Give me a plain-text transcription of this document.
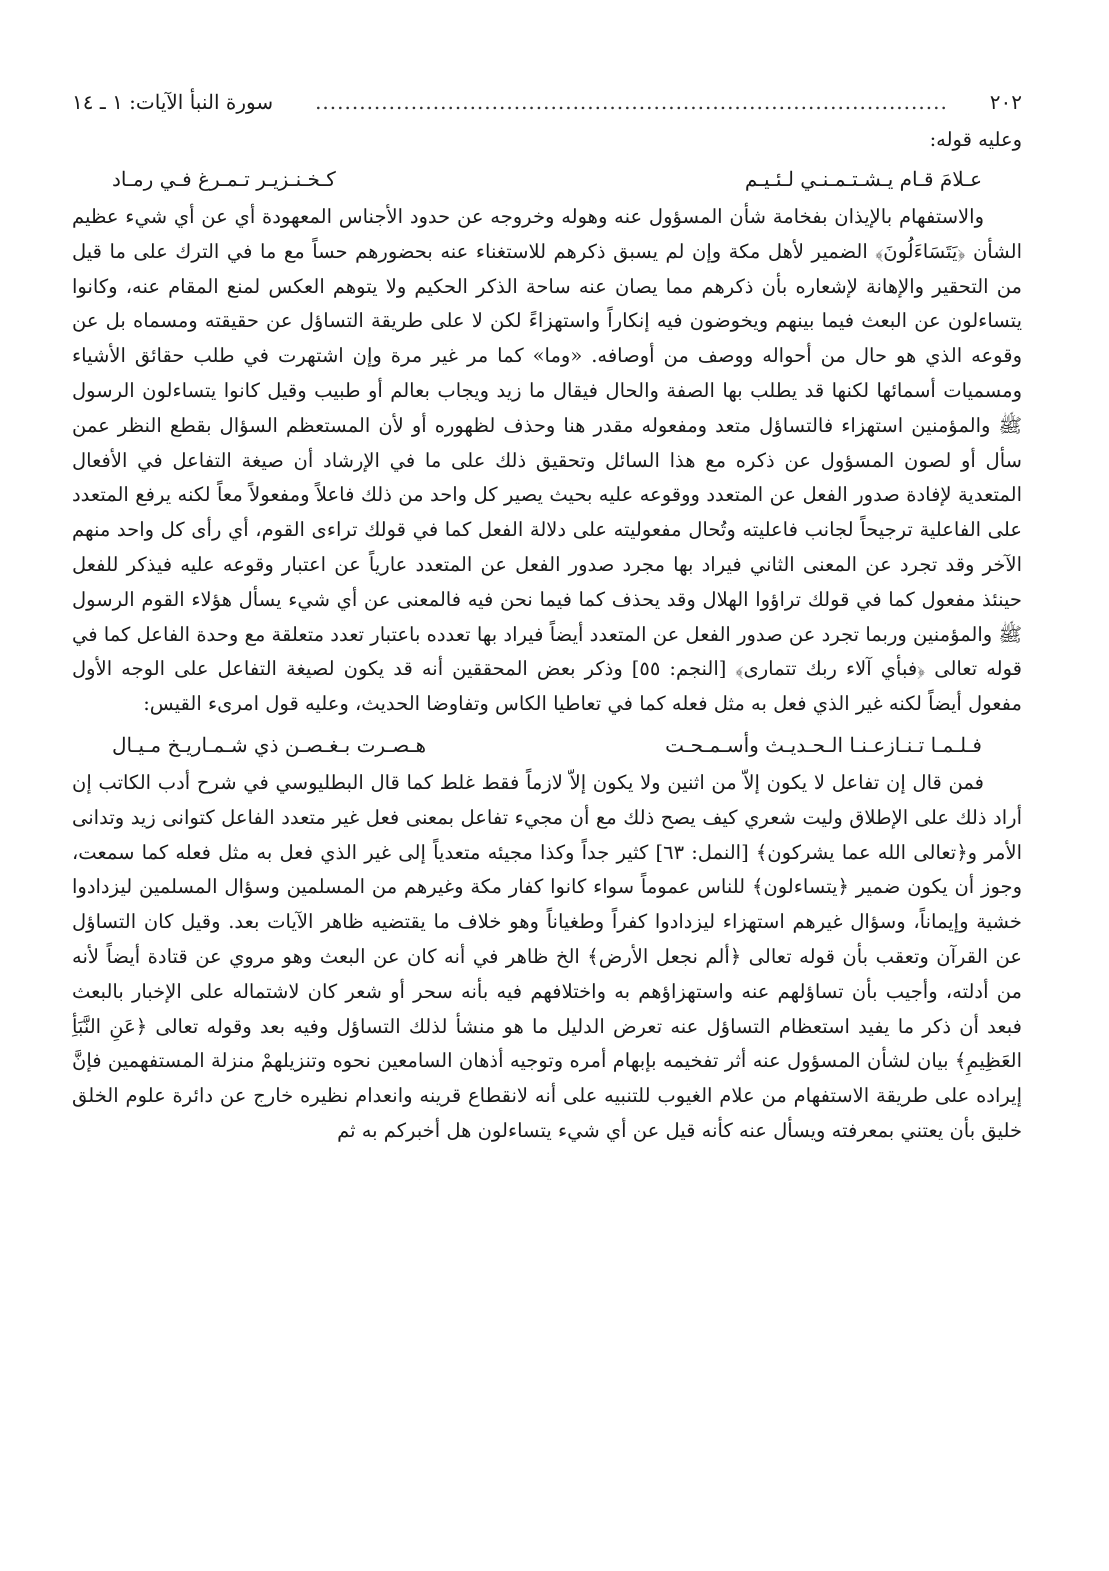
٢٠٢
......................................................................................
سورة النبأ الآيات: ١ ـ ١٤

وعليه قوله:

عـلامَ قـام يـشـتـمـنـي لـئـيـم
كـخـنـزيـر تـمـرغ فـي رمـاد

والاستفهام بالإيذان بفخامة شأن المسؤول عنه وهوله وخروجه عن حدود الأجناس المعهودة أي عن أي شيء عظيم الشأن ﴿يَتَسَاءَلُونَ﴾ الضمير لأهل مكة وإن لم يسبق ذكرهم للاستغناء عنه بحضورهم حساً مع ما في الترك على ما قيل من التحقير والإهانة لإشعاره بأن ذكرهم مما يصان عنه ساحة الذكر الحكيم ولا يتوهم العكس لمنع المقام عنه، وكانوا يتساءلون عن البعث فيما بينهم ويخوضون فيه إنكاراً واستهزاءً لكن لا على طريقة التساؤل عن حقيقته ومسماه بل عن وقوعه الذي هو حال من أحواله ووصف من أوصافه. «وما» كما مر غير مرة وإن اشتهرت في طلب حقائق الأشياء ومسميات أسمائها لكنها قد يطلب بها الصفة والحال فيقال ما زيد ويجاب بعالم أو طبيب وقيل كانوا يتساءلون الرسول ﷺ والمؤمنين استهزاء فالتساؤل متعد ومفعوله مقدر هنا وحذف لظهوره أو لأن المستعظم السؤال بقطع النظر عمن سأل أو لصون المسؤول عن ذكره مع هذا السائل وتحقيق ذلك على ما في الإرشاد أن صيغة التفاعل في الأفعال المتعدية لإفادة صدور الفعل عن المتعدد ووقوعه عليه بحيث يصير كل واحد من ذلك فاعلاً ومفعولاً معاً لكنه يرفع المتعدد على الفاعلية ترجيحاً لجانب فاعليته وتُحال مفعوليته على دلالة الفعل كما في قولك تراءى القوم، أي رأى كل واحد منهم الآخر وقد تجرد عن المعنى الثاني فيراد بها مجرد صدور الفعل عن المتعدد عارياً عن اعتبار وقوعه عليه فيذكر للفعل حينئذ مفعول كما في قولك تراؤوا الهلال وقد يحذف كما فيما نحن فيه فالمعنى عن أي شيء يسأل هؤلاء القوم الرسول ﷺ والمؤمنين وربما تجرد عن صدور الفعل عن المتعدد أيضاً فيراد بها تعدده باعتبار تعدد متعلقة مع وحدة الفاعل كما في قوله تعالى ﴿فبأي آلاء ربك تتمارى﴾ [النجم: ٥٥] وذكر بعض المحققين أنه قد يكون لصيغة التفاعل على الوجه الأول مفعول أيضاً لكنه غير الذي فعل به مثل فعله كما في تعاطيا الكاس وتفاوضا الحديث، وعليه قول امرىء القيس:

فـلـمـا تـنـازعـنـا الـحـديـث وأسـمـحـت
هـصـرت بـغـصـن ذي شـمـاريـخ مـيـال

فمن قال إن تفاعل لا يكون إلاّ من اثنين ولا يكون إلاّ لازماً فقط غلط كما قال البطليوسي في شرح أدب الكاتب إن أراد ذلك على الإطلاق وليت شعري كيف يصح ذلك مع أن مجيء تفاعل بمعنى فعل غير متعدد الفاعل كتوانى زيد وتدانى الأمر و﴿تعالى الله عما يشركون﴾ [النمل: ٦٣] كثير جداً وكذا مجيئه متعدياً إلى غير الذي فعل به مثل فعله كما سمعت، وجوز أن يكون ضمير ﴿يتساءلون﴾ للناس عموماً سواء كانوا كفار مكة وغيرهم من المسلمين وسؤال المسلمين ليزدادوا خشية وإيماناً، وسؤال غيرهم استهزاء ليزدادوا كفراً وطغياناً وهو خلاف ما يقتضيه ظاهر الآيات بعد. وقيل كان التساؤل عن القرآن وتعقب بأن قوله تعالى ﴿ألم نجعل الأرض﴾ الخ ظاهر في أنه كان عن البعث وهو مروي عن قتادة أيضاً لأنه من أدلته، وأجيب بأن تساؤلهم عنه واستهزاؤهم به واختلافهم فيه بأنه سحر أو شعر كان لاشتماله على الإخبار بالبعث فبعد أن ذكر ما يفيد استعظام التساؤل عنه تعرض الدليل ما هو منشأ لذلك التساؤل وفيه بعد وقوله تعالى ﴿عَنِ النَّبَأِ العَظِيمِ﴾ بيان لشأن المسؤول عنه أثر تفخيمه بإبهام أمره وتوجيه أذهان السامعين نحوه وتنزيلهمْ منزلة المستفهمين فإنَّ إيراده على طريقة الاستفهام من علام الغيوب للتنبيه على أنه لانقطاع قرينه وانعدام نظيره خارج عن دائرة علوم الخلق خليق بأن يعتني بمعرفته ويسأل عنه كأنه قيل عن أي شيء يتساءلون هل أخبركم به ثم
